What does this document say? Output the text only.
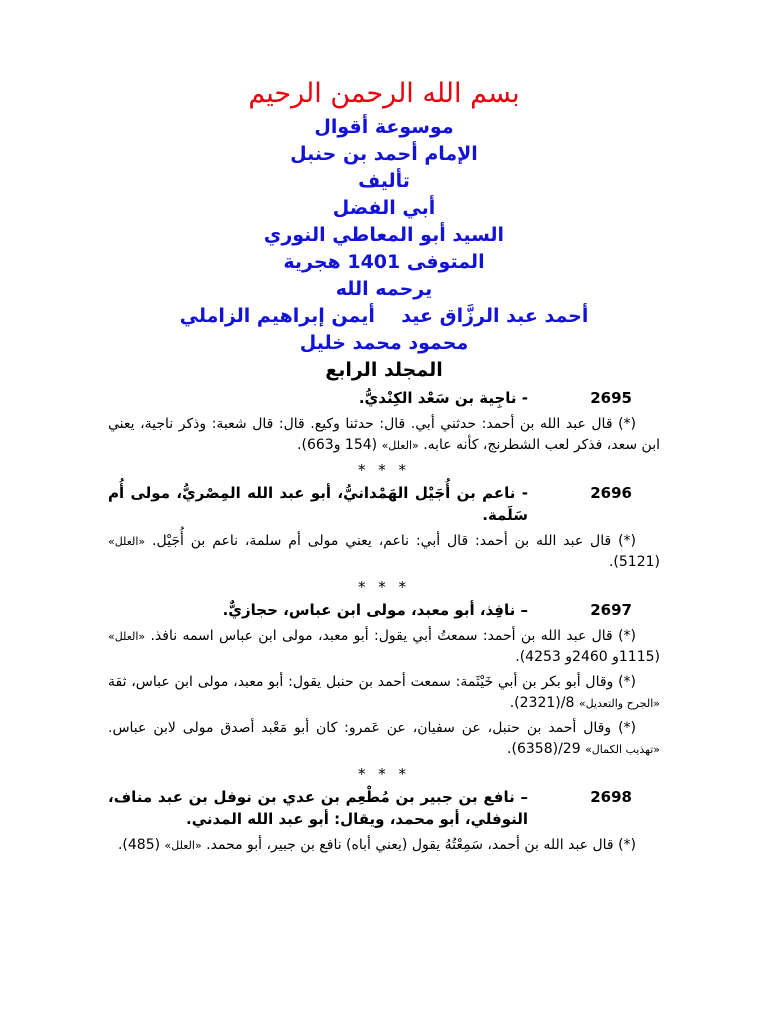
بسم الله الرحمن الرحيم
موسوعة أقوال
الإمام أحمد بن حنبل
تأليف
أبي الفضل
السيد أبو المعاطي النوري
المتوفى 1401 هجرية
يرحمه الله
أحمد عبد الرزَّاق عيد    أيمن إبراهيم الزاملي
محمود محمد خليل
المجلد الرابع
2695
- ناجِية بن سَعْد الكِنْديُّ.

(*) قال عبد الله بن أحمد: حدثني أبي. قال: حدثنا وكيع. قال: قال شعبة: وذكر ناجية، يعني ابن سعد، فذكر لعب الشطرنج، كأنه عابه. «العلل» (154 و663).

* * *
2696
- ناعم بن أُجَيْل الهَمْدانيُّ، أبو عبد الله المِصْريُّ، مولى أُم سَلَمة.

(*) قال عبد الله بن أحمد: قال أبي: ناعم، يعني مولى أم سلمة، ناعم بن أُجَيْل. «العلل» (5121).

* * *
2697
– نافِذ، أبو معبد، مولى ابن عباس، حجازيٌّ.

(*) قال عبد الله بن أحمد: سمعتُ أبي يقول: أبو معبد، مولى ابن عباس اسمه نافذ. «العلل» (1115و 2460و 4253).

(*) وقال أبو بكر بن أبي خَيْثَمة: سمعت أحمد بن حنبل يقول: أبو معبد، مولى ابن عباس، ثقة «الجرح والتعديل» 8/(2321).

(*) وقال أحمد بن حنبل، عن سفيان، عن عَمرو: كان أبو مَعْبد أصدق مولى لابن عباس. «تهذيب الكمال» 29/(6358).

* * *
2698
– نافع بن جبير بن مُطْعِم بن عدي بن نوفل بن عبد مناف، النوفلي، أبو محمد، ويقال: أبو عبد الله المدني.

(*) قال عبد الله بن أحمد، سَمِعْتُهُ يقول (يعني أباه) نافع بن جبير، أبو محمد. «العلل» (485).
